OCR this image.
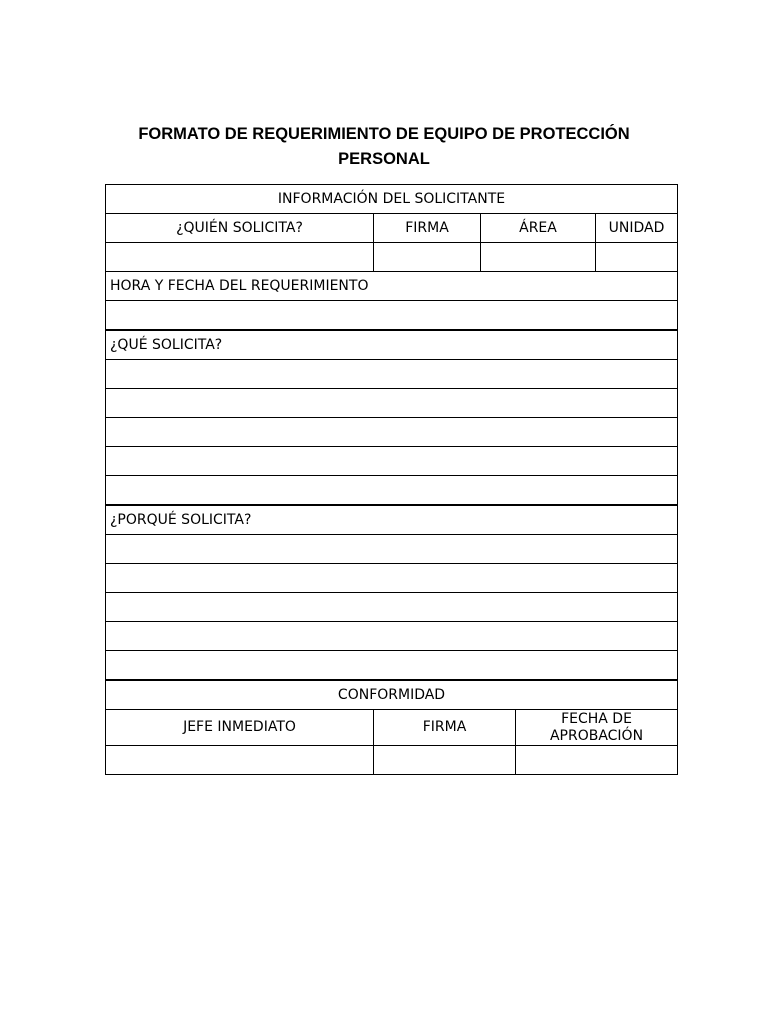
FORMATO DE REQUERIMIENTO DE EQUIPO DE PROTECCIÓN
PERSONAL
INFORMACIÓN DEL SOLICITANTE				
¿QUIÉN SOLICITA?	FIRMA	ÁREA		UNIDAD

HORA Y FECHA DEL REQUERIMIENTO				

¿QUÉ SOLICITA?				

¿PORQUÉ SOLICITA?				

CONFORMIDAD				
JEFE INMEDIATO	FIRMA		FECHA DE
APROBACIÓN	
